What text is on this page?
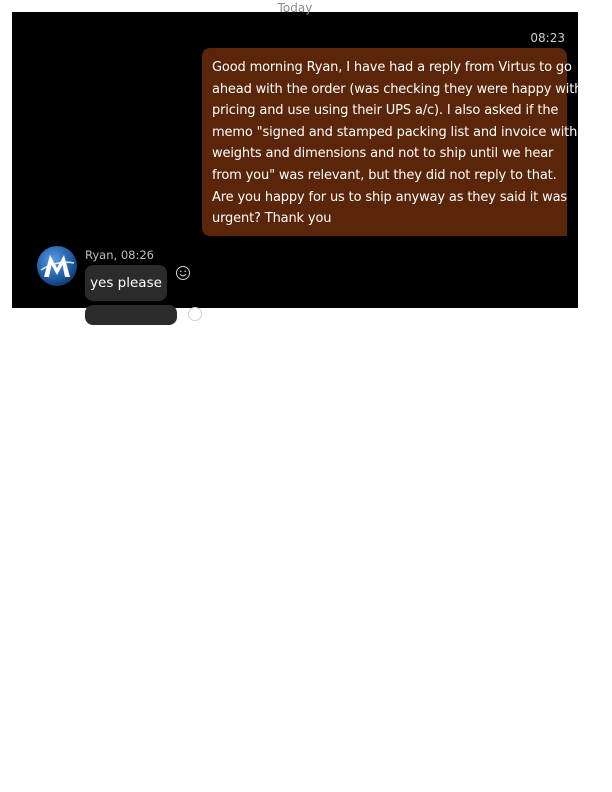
Today
08:23
Good morning Ryan, I have had a reply from Virtus to go
ahead with the order (was checking they were happy with
pricing and use using their UPS a/c). I also asked if the
memo "signed and stamped packing list and invoice with
weights and dimensions and not to ship until we hear
from you" was relevant, but they did not reply to that.
Are you happy for us to ship anyway as they said it was
urgent? Thank you
Ryan, 08:26
yes please
